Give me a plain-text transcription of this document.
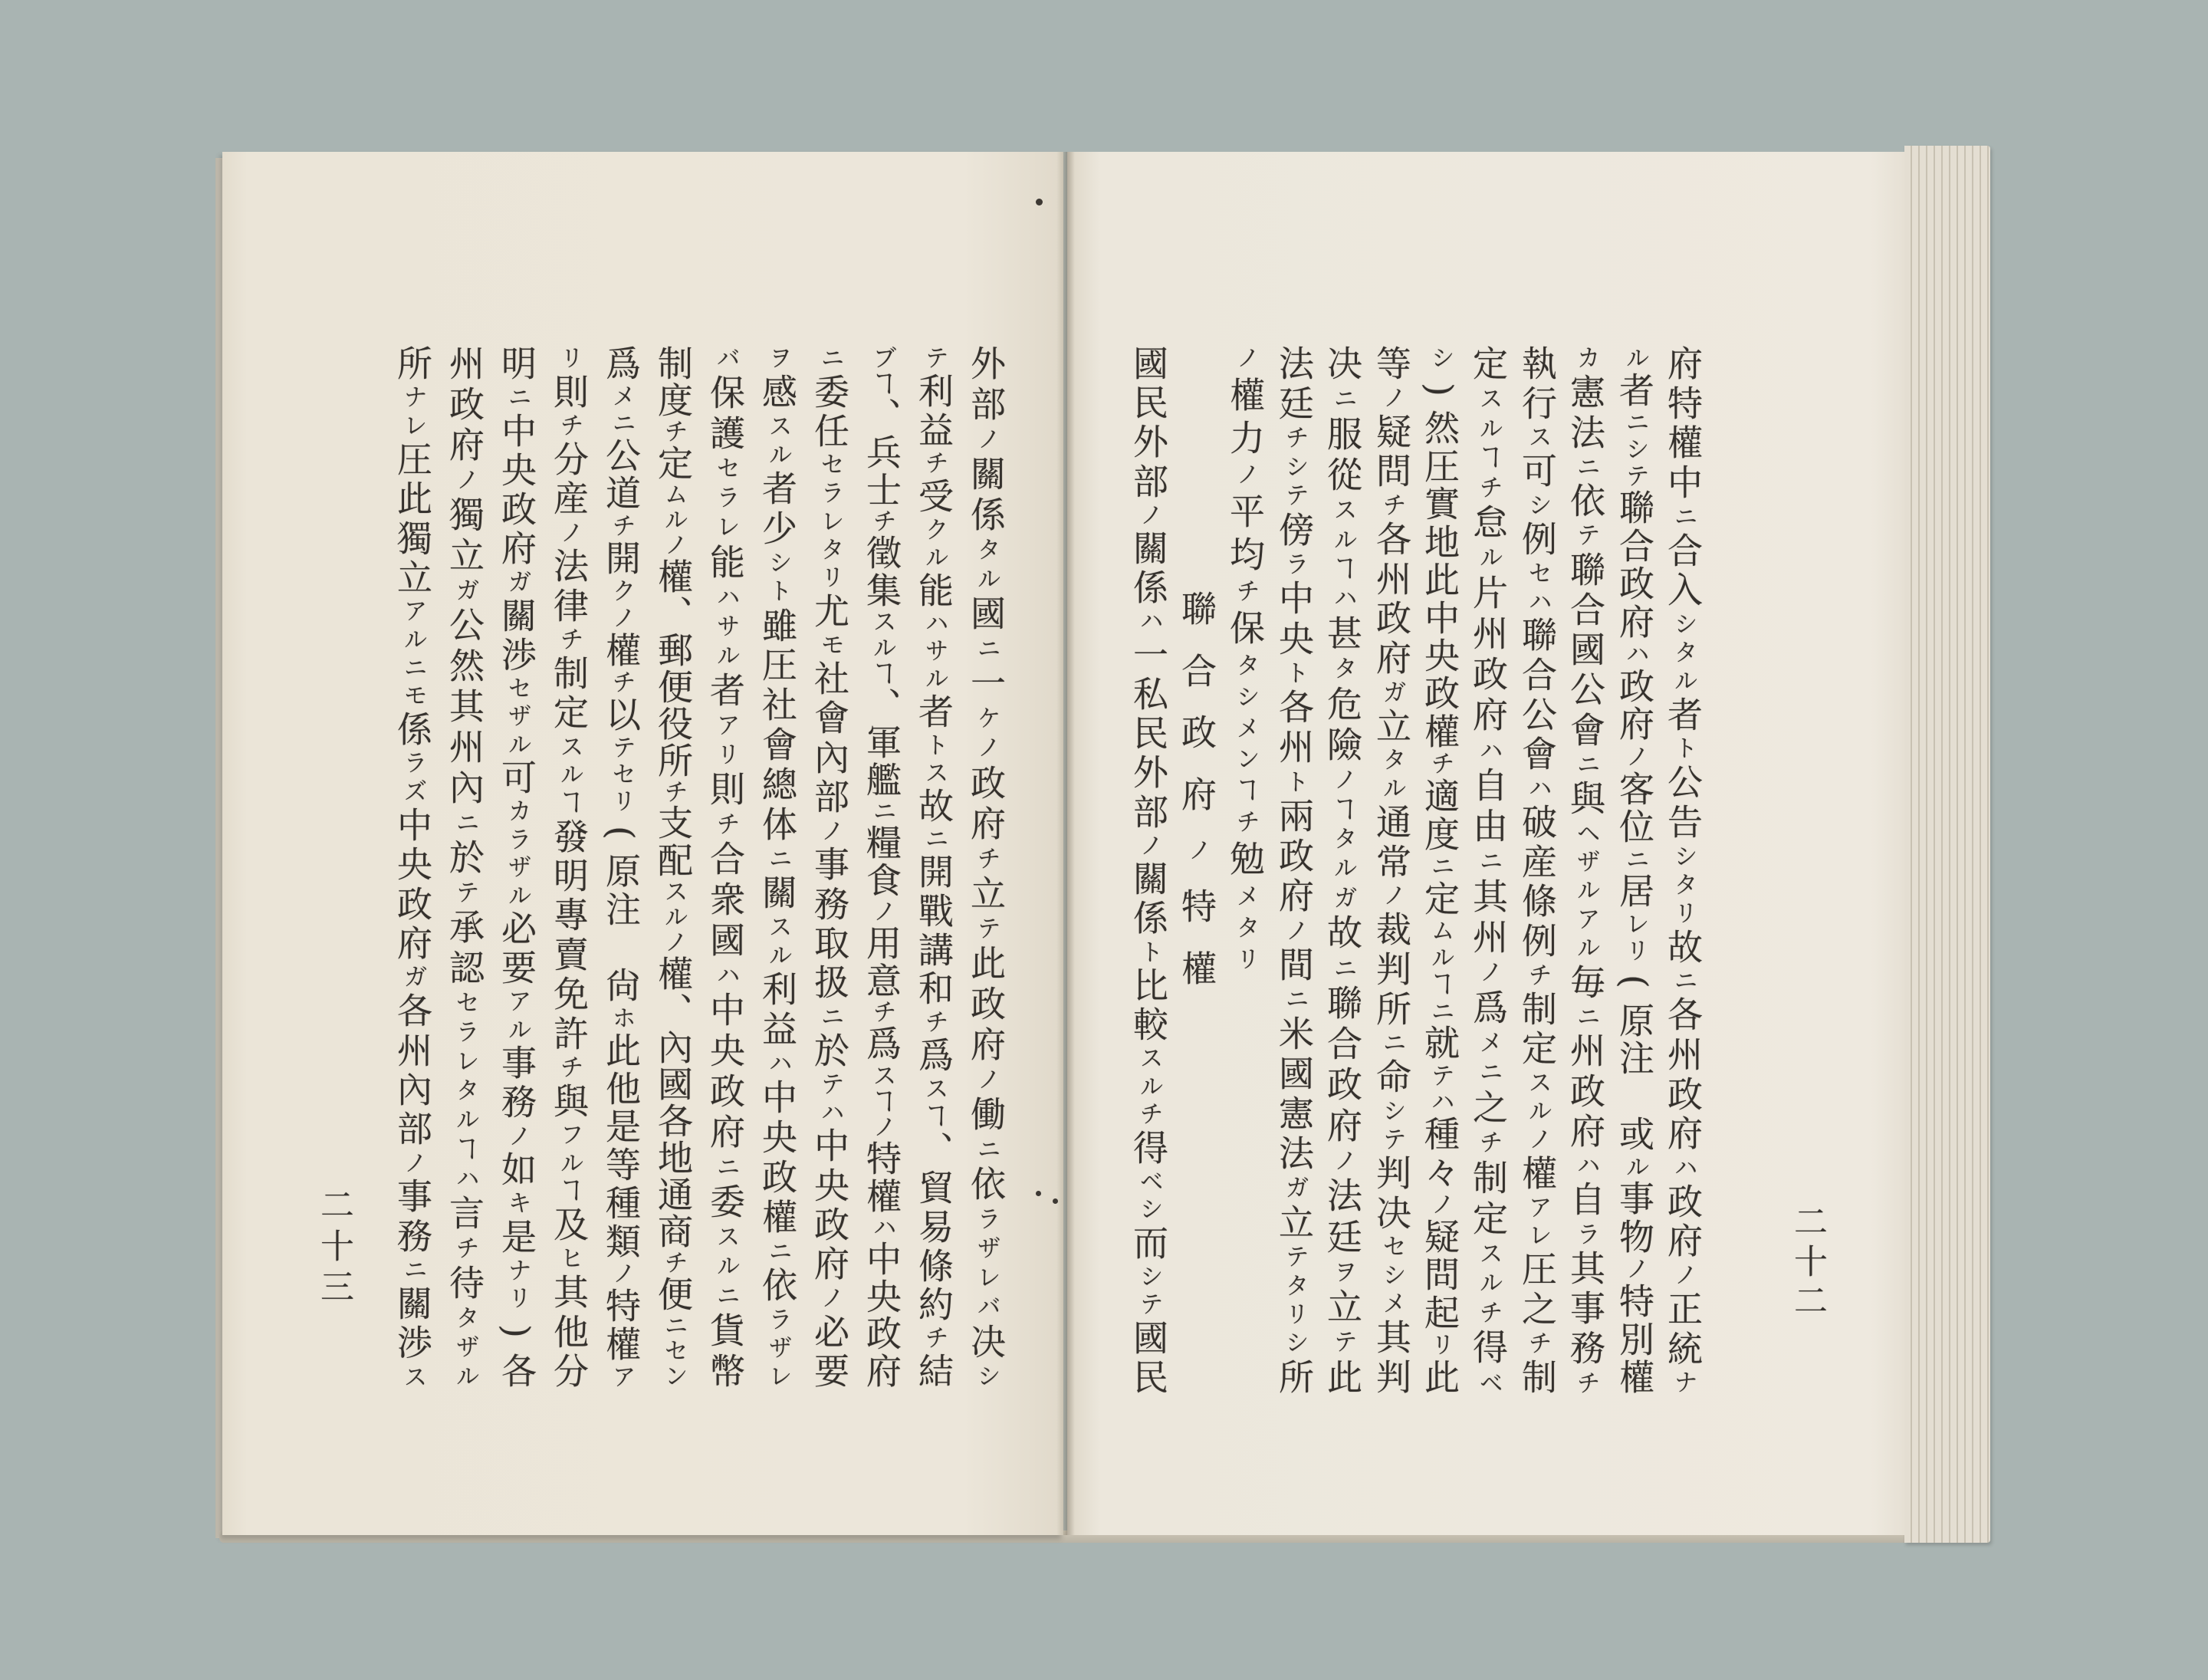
外
部
ノ
關
係
タ
ル
國
ニ
一
ケ
ノ
政
府
チ
立
テ
此
政
府
ノ
働
ニ
依
ラ
ザ
レ
バ
决
シ
テ
利
益
チ
受
ク
ル
能
ハ
サ
ル
者
ト
ス
故
ニ
開
戰
講
和
チ
爲
ス
ヿ
、
貿
易
條
約
チ
結
ブ
ヿ
、
兵
士
チ
徵
集
ス
ル
ヿ
、
軍
艦
ニ
糧
食
ノ
用
意
チ
爲
ス
ヿ
ノ
特
權
ハ
中
央
政
府
ニ
委
任
セ
ラ
レ
タ
リ
尤
モ
社
會
內
部
ノ
事
務
取
扱
ニ
於
テ
ハ
中
央
政
府
ノ
必
要
ヲ
感
ス
ル
者
少
シ
ト
雖
圧
社
會
總
体
ニ
關
ス
ル
利
益
ハ
中
央
政
權
ニ
依
ラ
ザ
レ
バ
保
護
セ
ラ
レ
能
ハ
サ
ル
者
ア
リ
則
チ
合
衆
國
ハ
中
央
政
府
ニ
委
ス
ル
ニ
貨
幣
制
度
チ
定
ム
ル
ノ
權
、
郵
便
役
所
チ
支
配
ス
ル
ノ
權
、
內
國
各
地
通
商
チ
便
ニ
セ
ン
爲
メ
ニ
公
道
チ
開
ク
ノ
權
チ
以
テ
セ
リ
(
原
注

尙
ホ
此
他
是
等
種
類
ノ
特
權
ア
リ
則
チ
分
産
ノ
法
律
チ
制
定
ス
ル
ヿ
發
明
專
賣
免
許
チ
與
フ
ル
ヿ
及
ヒ
其
他
分
明
ニ
中
央
政
府
ガ
關
渉
セ
ザ
ル
可
カ
ラ
ザ
ル
必
要
ア
ル
事
務
ノ
如
キ
是
ナ
リ
)
各
州
政
府
ノ
獨
立
ガ
公
然
其
州
內
ニ
於
テ
承
認
セ
ラ
レ
タ
ル
ヿ
ハ
言
チ
待
タ
ザ
ル
所
ナ
レ
圧
此
獨
立
ア
ル
ニ
モ
係
ラ
ズ
中
央
政
府
ガ
各
州
內
部
ノ
事
務
ニ
關
渉
ス
二
十
三
府
特
權
中
ニ
合
入
シ
タ
ル
者
ト
公
告
シ
タ
リ
故
ニ
各
州
政
府
ハ
政
府
ノ
正
統
ナ
ル
者
ニ
シ
テ
聯
合
政
府
ハ
政
府
ノ
客
位
ニ
居
レ
リ
(
原
注

或
ル
事
物
ノ
特
別
權
カ
憲
法
ニ
依
テ
聯
合
國
公
會
ニ
與
ヘ
ザ
ル
ア
ル
毎
ニ
州
政
府
ハ
自
ラ
其
事
務
チ
執
行
ス
可
シ
例
セ
ハ
聯
合
公
會
ハ
破
産
條
例
チ
制
定
ス
ル
ノ
權
ア
レ
圧
之
チ
制
定
ス
ル
ヿ
チ
怠
ル
片
州
政
府
ハ
自
由
ニ
其
州
ノ
爲
メ
ニ
之
チ
制
定
ス
ル
チ
得
ベ
シ
)
然
圧
實
地
此
中
央
政
權
チ
適
度
ニ
定
ム
ル
ヿ
ニ
就
テ
ハ
種
々
ノ
疑
問
起
リ
此
等
ノ
疑
問
チ
各
州
政
府
ガ
立
タ
ル
通
常
ノ
裁
判
所
ニ
命
シ
テ
判
决
セ
シ
メ
其
判
决
ニ
服
從
ス
ル
ヿ
ハ
甚
タ
危
險
ノ
ヿ
タ
ル
ガ
故
ニ
聯
合
政
府
ノ
法
廷
ヲ
立
テ
此
法
廷
チ
シ
テ
傍
ラ
中
央
ト
各
州
ト
兩
政
府
ノ
間
ニ
米
國
憲
法
ガ
立
テ
タ
リ
シ
所
ノ
權
力
ノ
平
均
チ
保
タ
シ
メ
ン
ヿ
チ
勉
メ
タ
リ
聯
合
政
府
ノ
特
權
國
民
外
部
ノ
關
係
ハ
一
私
民
外
部
ノ
關
係
ト
比
較
ス
ル
チ
得
ベ
シ
而
シ
テ
國
民
二
十
二
